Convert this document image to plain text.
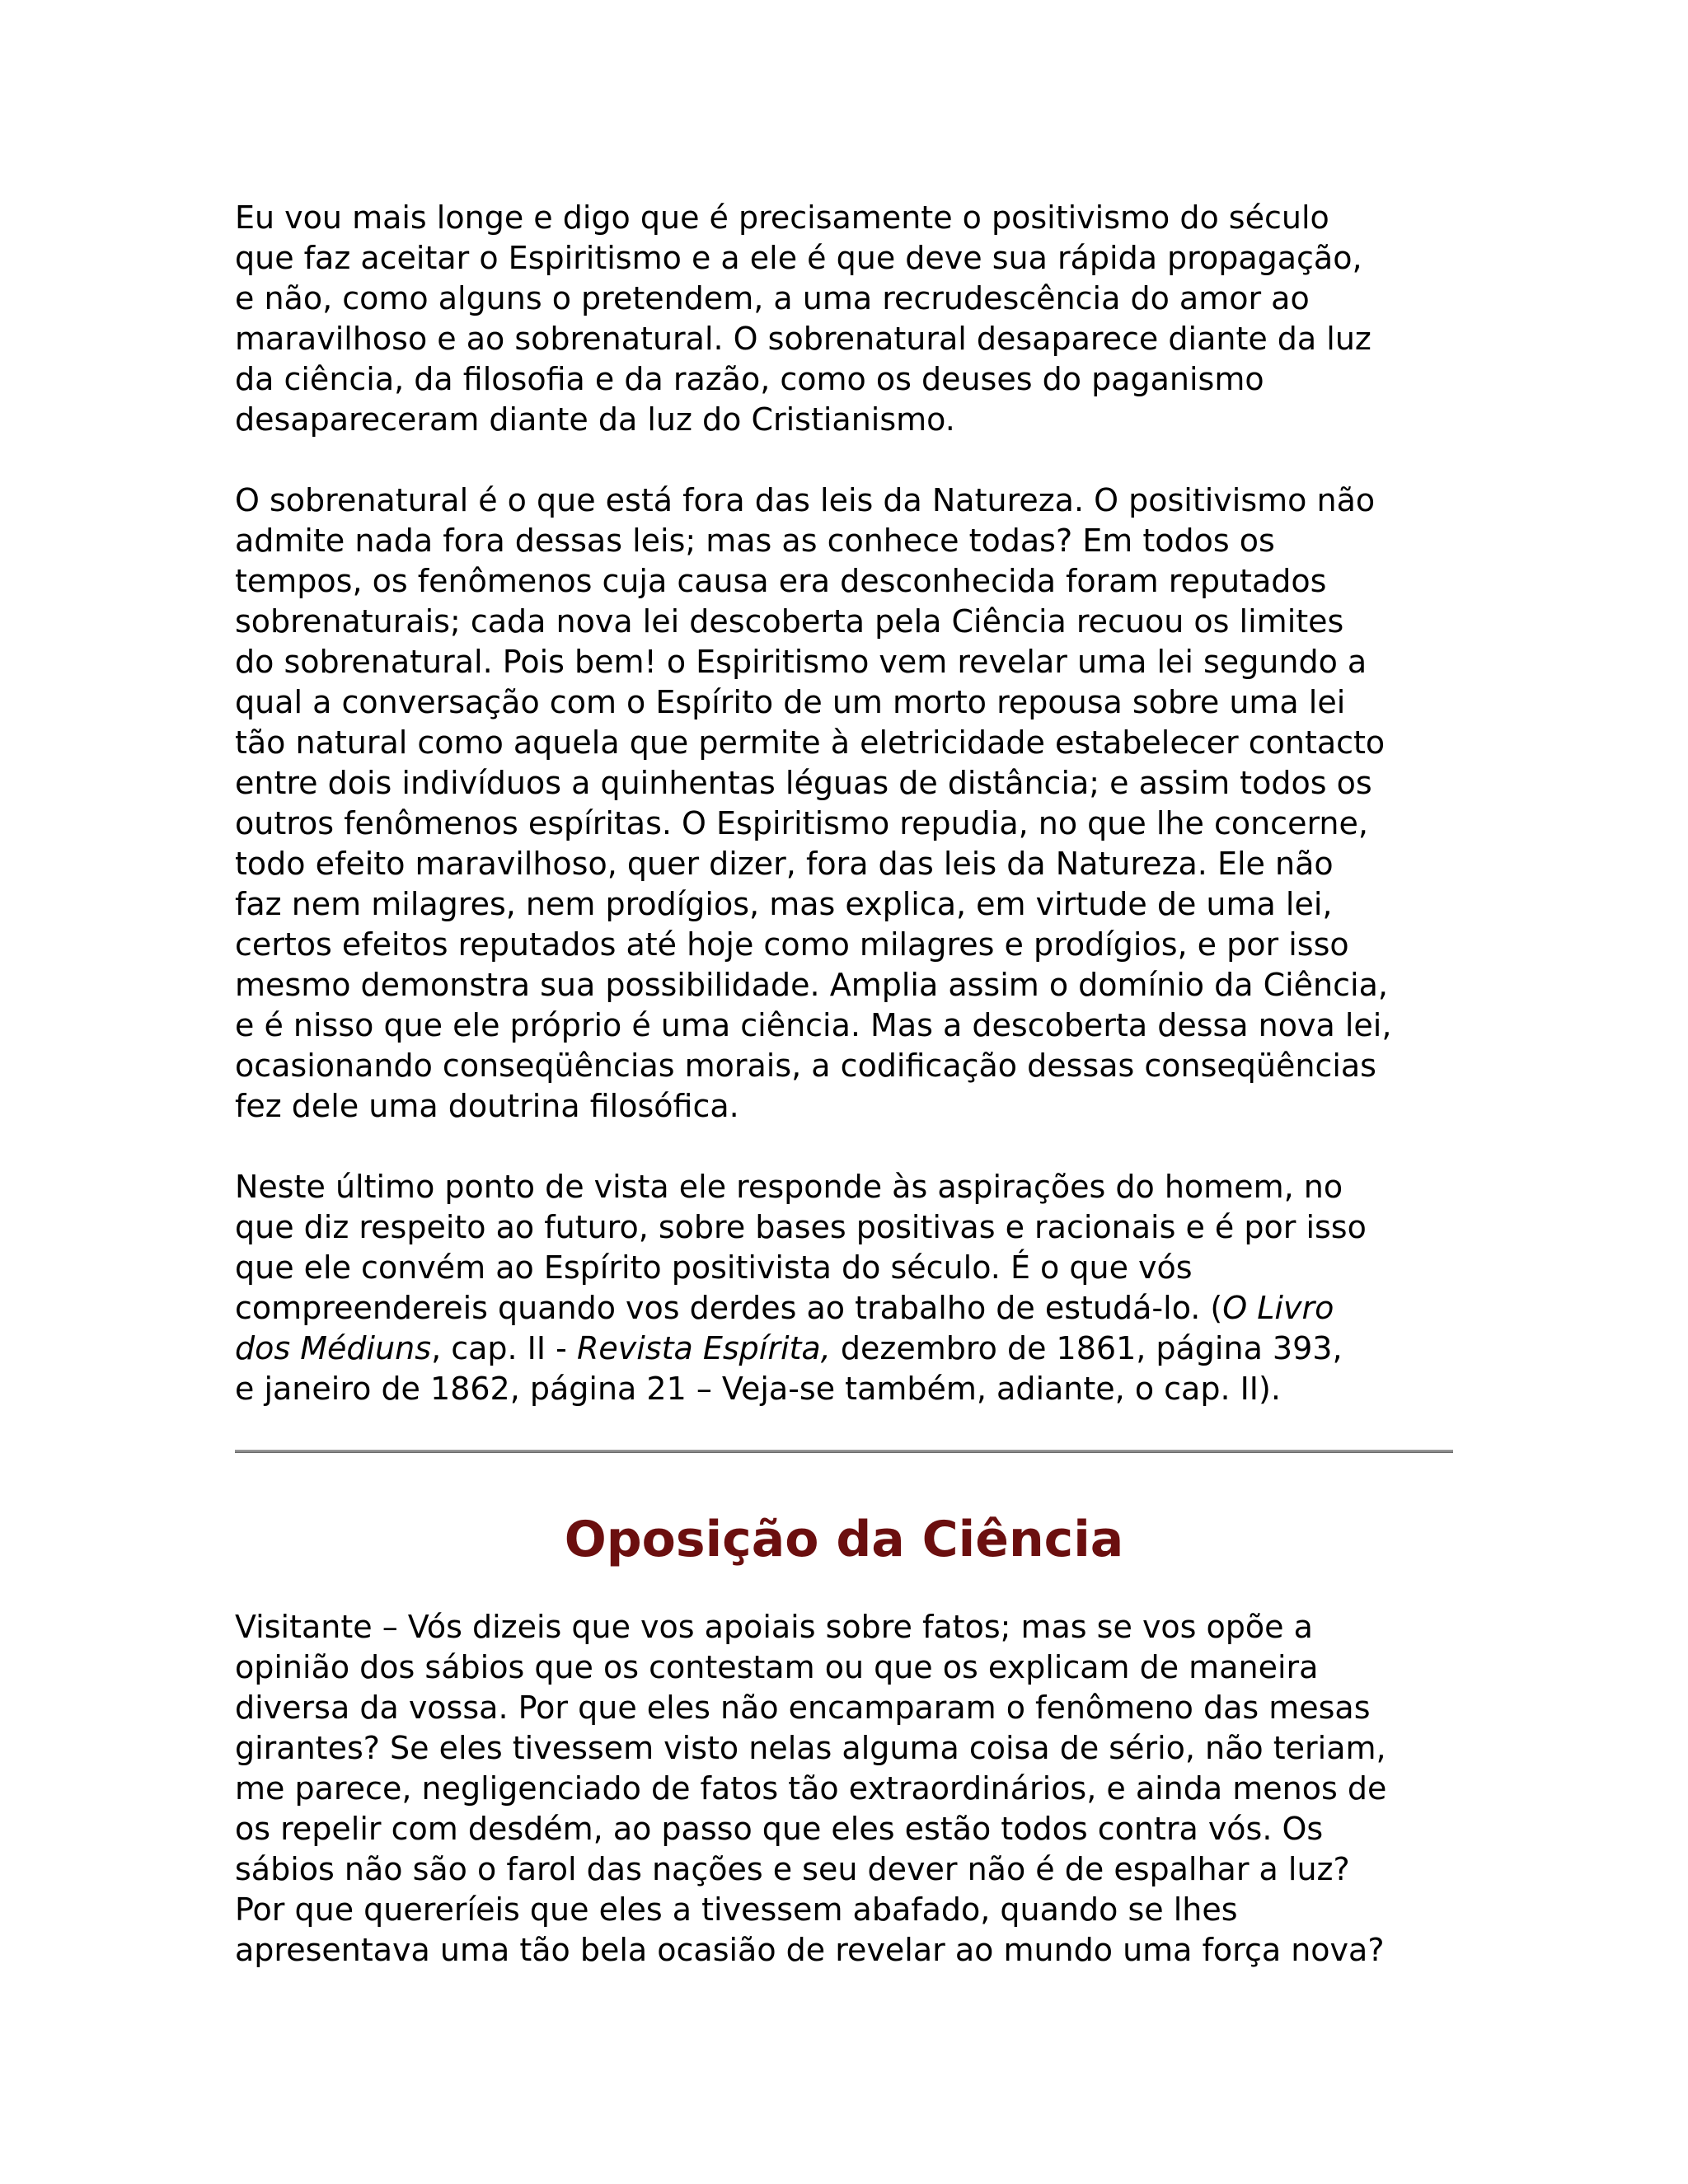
Eu vou mais longe e digo que é precisamente o positivismo do século
que faz aceitar o Espiritismo e a ele é que deve sua rápida propagação,
e não, como alguns o pretendem, a uma recrudescência do amor ao
maravilhoso e ao sobrenatural. O sobrenatural desaparece diante da luz
da ciência, da filosofia e da razão, como os deuses do paganismo
desapareceram diante da luz do Cristianismo.

O sobrenatural é o que está fora das leis da Natureza. O positivismo não
admite nada fora dessas leis; mas as conhece todas? Em todos os
tempos, os fenômenos cuja causa era desconhecida foram reputados
sobrenaturais; cada nova lei descoberta pela Ciência recuou os limites
do sobrenatural. Pois bem! o Espiritismo vem revelar uma lei segundo a
qual a conversação com o Espírito de um morto repousa sobre uma lei
tão natural como aquela que permite à eletricidade estabelecer contacto
entre dois indivíduos a quinhentas léguas de distância; e assim todos os
outros fenômenos espíritas. O Espiritismo repudia, no que lhe concerne,
todo efeito maravilhoso, quer dizer, fora das leis da Natureza. Ele não
faz nem milagres, nem prodígios, mas explica, em virtude de uma lei,
certos efeitos reputados até hoje como milagres e prodígios, e por isso
mesmo demonstra sua possibilidade. Amplia assim o domínio da Ciência,
e é nisso que ele próprio é uma ciência. Mas a descoberta dessa nova lei,
ocasionando conseqüências morais, a codificação dessas conseqüências
fez dele uma doutrina filosófica.

Neste último ponto de vista ele responde às aspirações do homem, no
que diz respeito ao futuro, sobre bases positivas e racionais e é por isso
que ele convém ao Espírito positivista do século. É o que vós
compreendereis quando vos derdes ao trabalho de estudá-lo. (O Livro
dos Médiuns, cap. II - Revista Espírita, dezembro de 1861, página 393,
e janeiro de 1862, página 21 – Veja-se também, adiante, o cap. II).

Oposição da Ciência

Visitante – Vós dizeis que vos apoiais sobre fatos; mas se vos opõe a
opinião dos sábios que os contestam ou que os explicam de maneira
diversa da vossa. Por que eles não encamparam o fenômeno das mesas
girantes? Se eles tivessem visto nelas alguma coisa de sério, não teriam,
me parece, negligenciado de fatos tão extraordinários, e ainda menos de
os repelir com desdém, ao passo que eles estão todos contra vós. Os
sábios não são o farol das nações e seu dever não é de espalhar a luz?
Por que quereríeis que eles a tivessem abafado, quando se lhes
apresentava uma tão bela ocasião de revelar ao mundo uma força nova?
